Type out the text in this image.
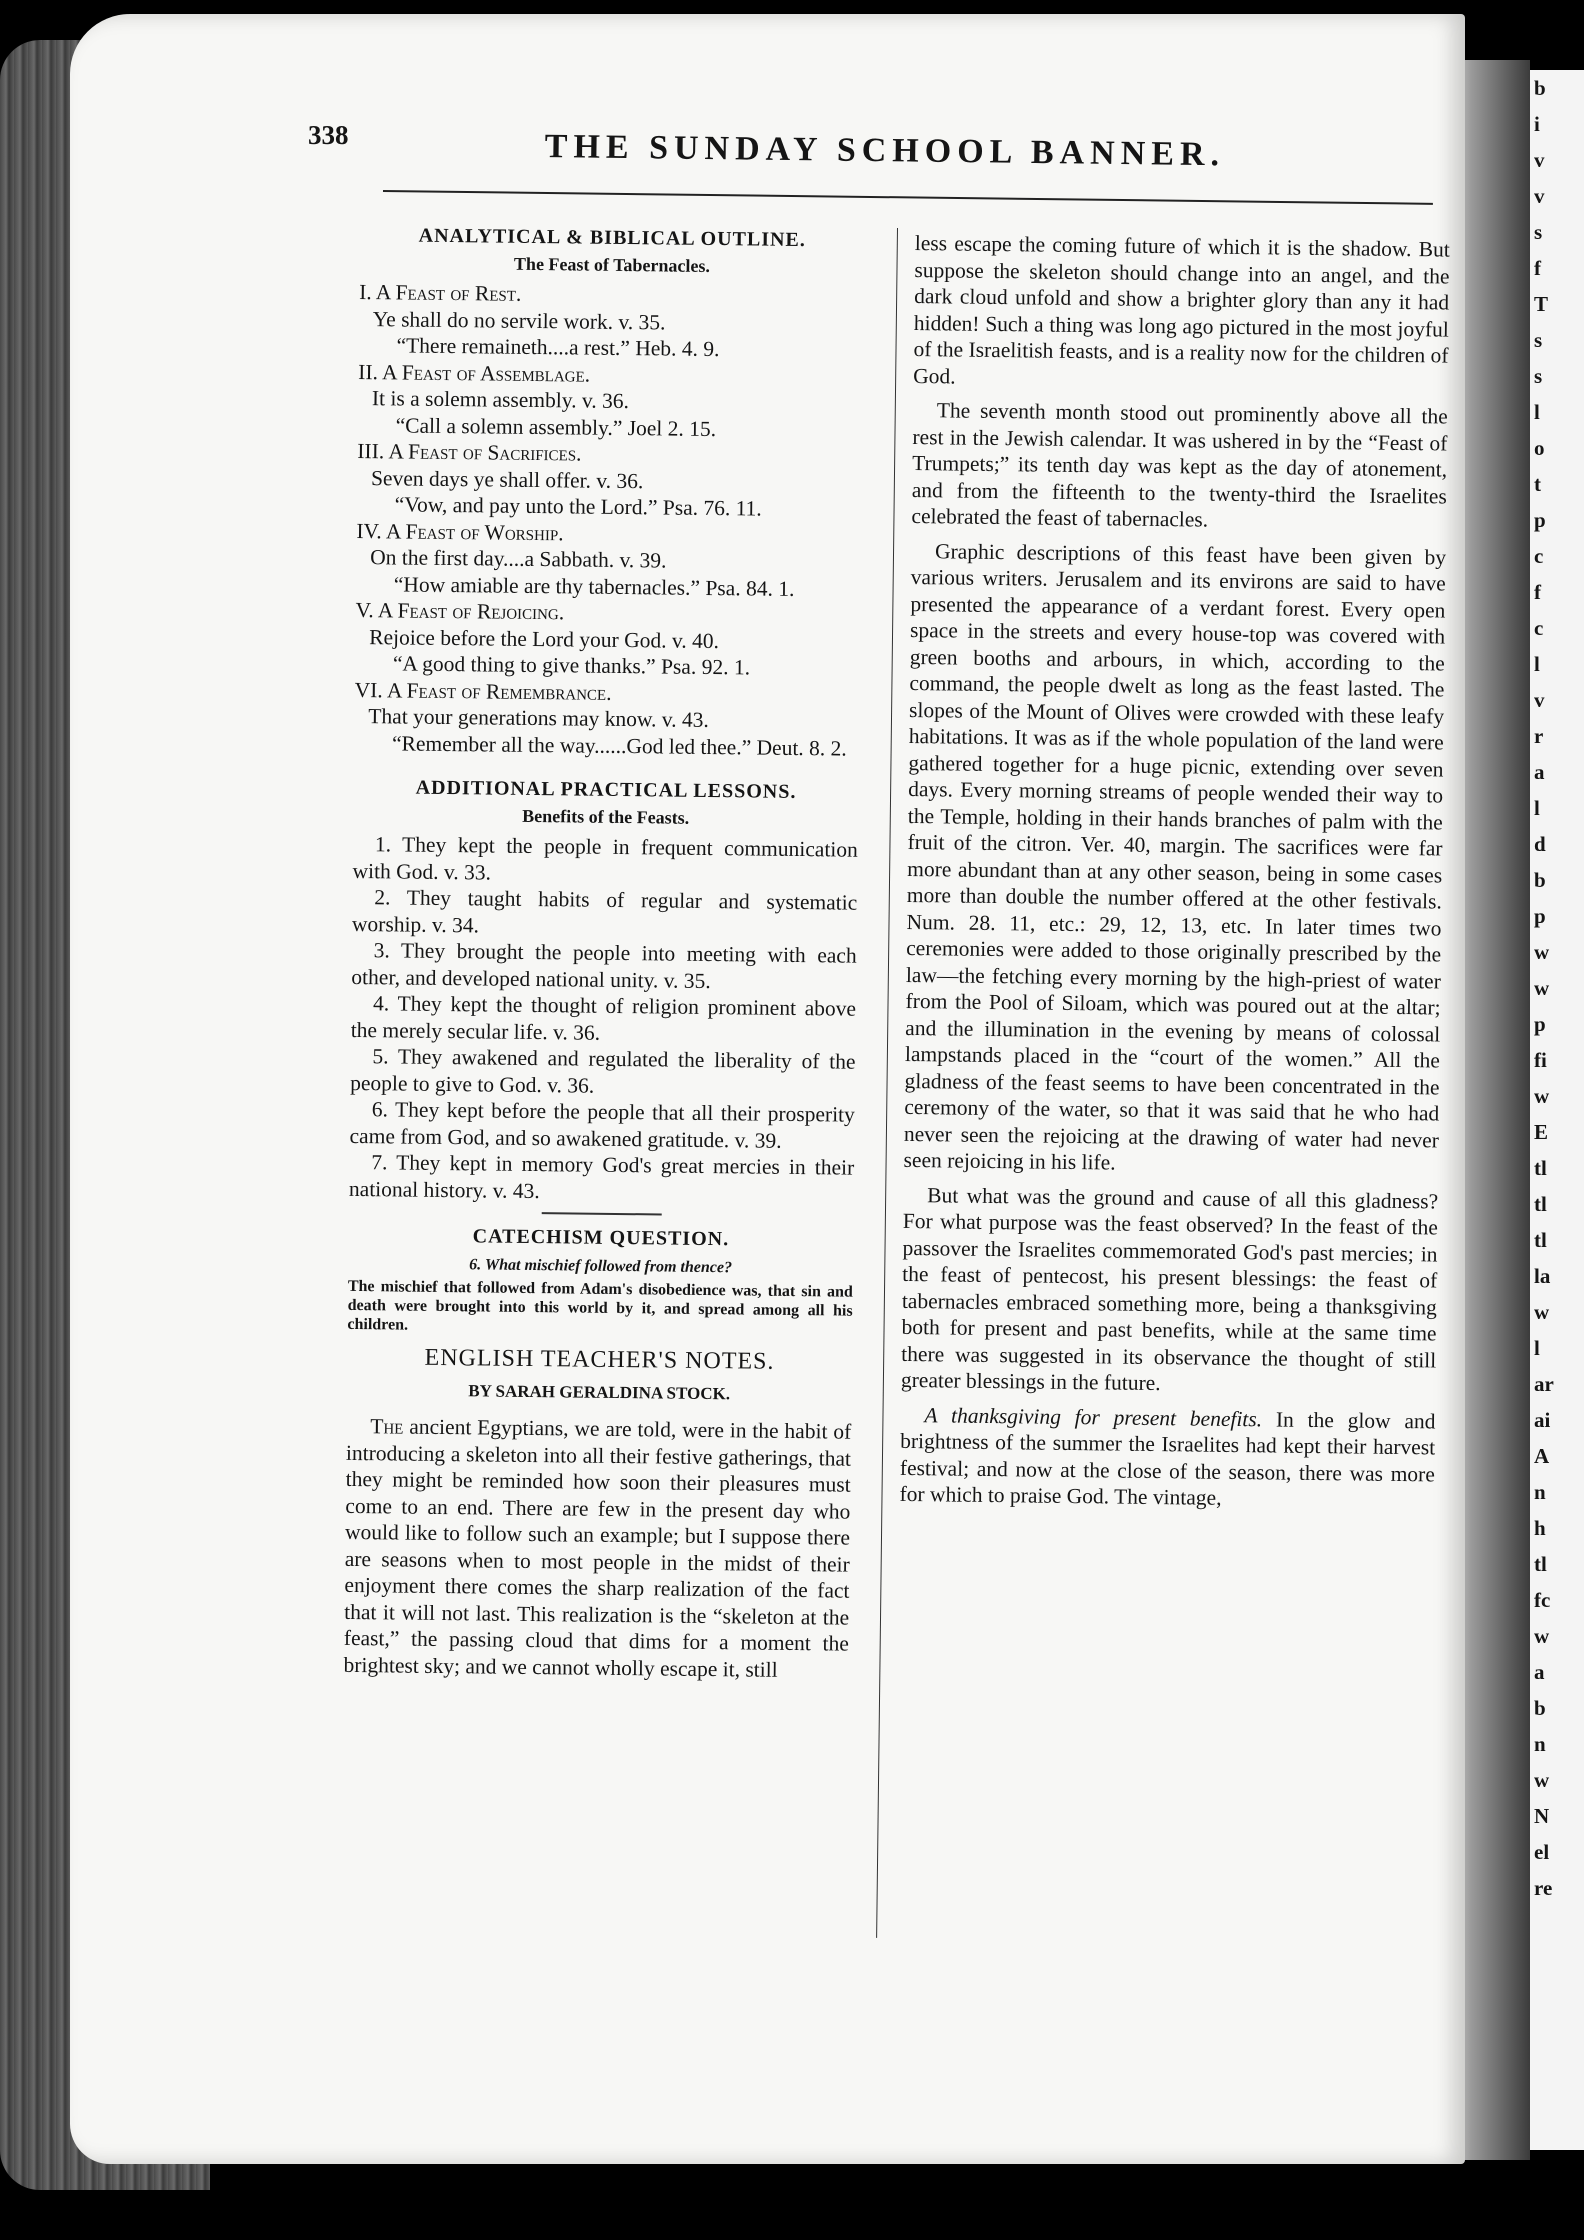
b
i
v
v
s
f
T
s
s
l
o
t
p
c
f
c
l
v
r
a
l
d
b
p
w
w
p
fi
w
E
tl
tl
tl
la
w
l
ar
ai
A
n
h
tl
fc
w
a
b
n
w
N
el
re
338	THE SUNDAY SCHOOL BANNER.
ANALYTICAL & BIBLICAL OUTLINE.
The Feast of Tabernacles.
I. A Feast of Rest.
Ye shall do no servile work. v. 35.
“There remaineth....a rest.” Heb. 4. 9.
II. A Feast of Assemblage.
It is a solemn assembly. v. 36.
“Call a solemn assembly.” Joel 2. 15.
III. A Feast of Sacrifices.
Seven days ye shall offer. v. 36.
“Vow, and pay unto the Lord.” Psa. 76. 11.
IV. A Feast of Worship.
On the first day....a Sabbath. v. 39.
“How amiable are thy tabernacles.” Psa. 84. 1.
V. A Feast of Rejoicing.
Rejoice before the Lord your God. v. 40.
“A good thing to give thanks.” Psa. 92. 1.
VI. A Feast of Remembrance.
That your generations may know. v. 43.
“Remember all the way......God led thee.” Deut. 8. 2.
ADDITIONAL PRACTICAL LESSONS.
Benefits of the Feasts.

1. They kept the people in frequent communication with God. v. 33.

2. They taught habits of regular and systematic worship. v. 34.

3. They brought the people into meeting with each other, and developed national unity. v. 35.

4. They kept the thought of religion prominent above the merely secular life. v. 36.

5. They awakened and regulated the liberality of the people to give to God. v. 36.

6. They kept before the people that all their prosperity came from God, and so awakened gratitude. v. 39.

7. They kept in memory God's great mercies in their national history. v. 43.

CATECHISM QUESTION.
6. What mischief followed from thence?
The mischief that followed from Adam's disobedience was, that sin and death were brought into this world by it, and spread among all his children.
ENGLISH TEACHER'S NOTES.
BY SARAH GERALDINA STOCK.

The ancient Egyptians, we are told, were in the habit of introducing a skeleton into all their festive gatherings, that they might be reminded how soon their pleasures must come to an end. There are few in the present day who would like to follow such an example; but I suppose there are seasons when to most people in the midst of their enjoyment there comes the sharp realization of the fact that it will not last. This realization is the “skeleton at the feast,” the passing cloud that dims for a moment the brightest sky; and we cannot wholly escape it, still

less escape the coming future of which it is the shadow. But suppose the skeleton should change into an angel, and the dark cloud unfold and show a brighter glory than any it had hidden! Such a thing was long ago pictured in the most joyful of the Israelitish feasts, and is a reality now for the children of God.

The seventh month stood out prominently above all the rest in the Jewish calendar. It was ushered in by the “Feast of Trumpets;” its tenth day was kept as the day of atonement, and from the fifteenth to the twenty-third the Israelites celebrated the feast of tabernacles.

Graphic descriptions of this feast have been given by various writers. Jerusalem and its environs are said to have presented the appearance of a verdant forest. Every open space in the streets and every house-top was covered with green booths and arbours, in which, according to the command, the people dwelt as long as the feast lasted. The slopes of the Mount of Olives were crowded with these leafy habitations. It was as if the whole population of the land were gathered together for a huge picnic, extending over seven days. Every morning streams of people wended their way to the Temple, holding in their hands branches of palm with the fruit of the citron. Ver. 40, margin. The sacrifices were far more abundant than at any other season, being in some cases more than double the number offered at the other festivals. Num. 28. 11, etc.: 29, 12, 13, etc. In later times two ceremonies were added to those originally prescribed by the law—the fetching every morning by the high-priest of water from the Pool of Siloam, which was poured out at the altar; and the illumination in the evening by means of colossal lampstands placed in the “court of the women.” All the gladness of the feast seems to have been concentrated in the ceremony of the water, so that it was said that he who had never seen the rejoicing at the drawing of water had never seen rejoicing in his life.

But what was the ground and cause of all this gladness? For what purpose was the feast observed? In the feast of the passover the Israelites commemorated God's past mercies; in the feast of pentecost, his present blessings: the feast of tabernacles embraced something more, being a thanksgiving both for present and past benefits, while at the same time there was suggested in its observance the thought of still greater blessings in the future.

A thanksgiving for present benefits. In the glow and brightness of the summer the Israelites had kept their harvest festival; and now at the close of the season, there was more for which to praise God. The vintage,
